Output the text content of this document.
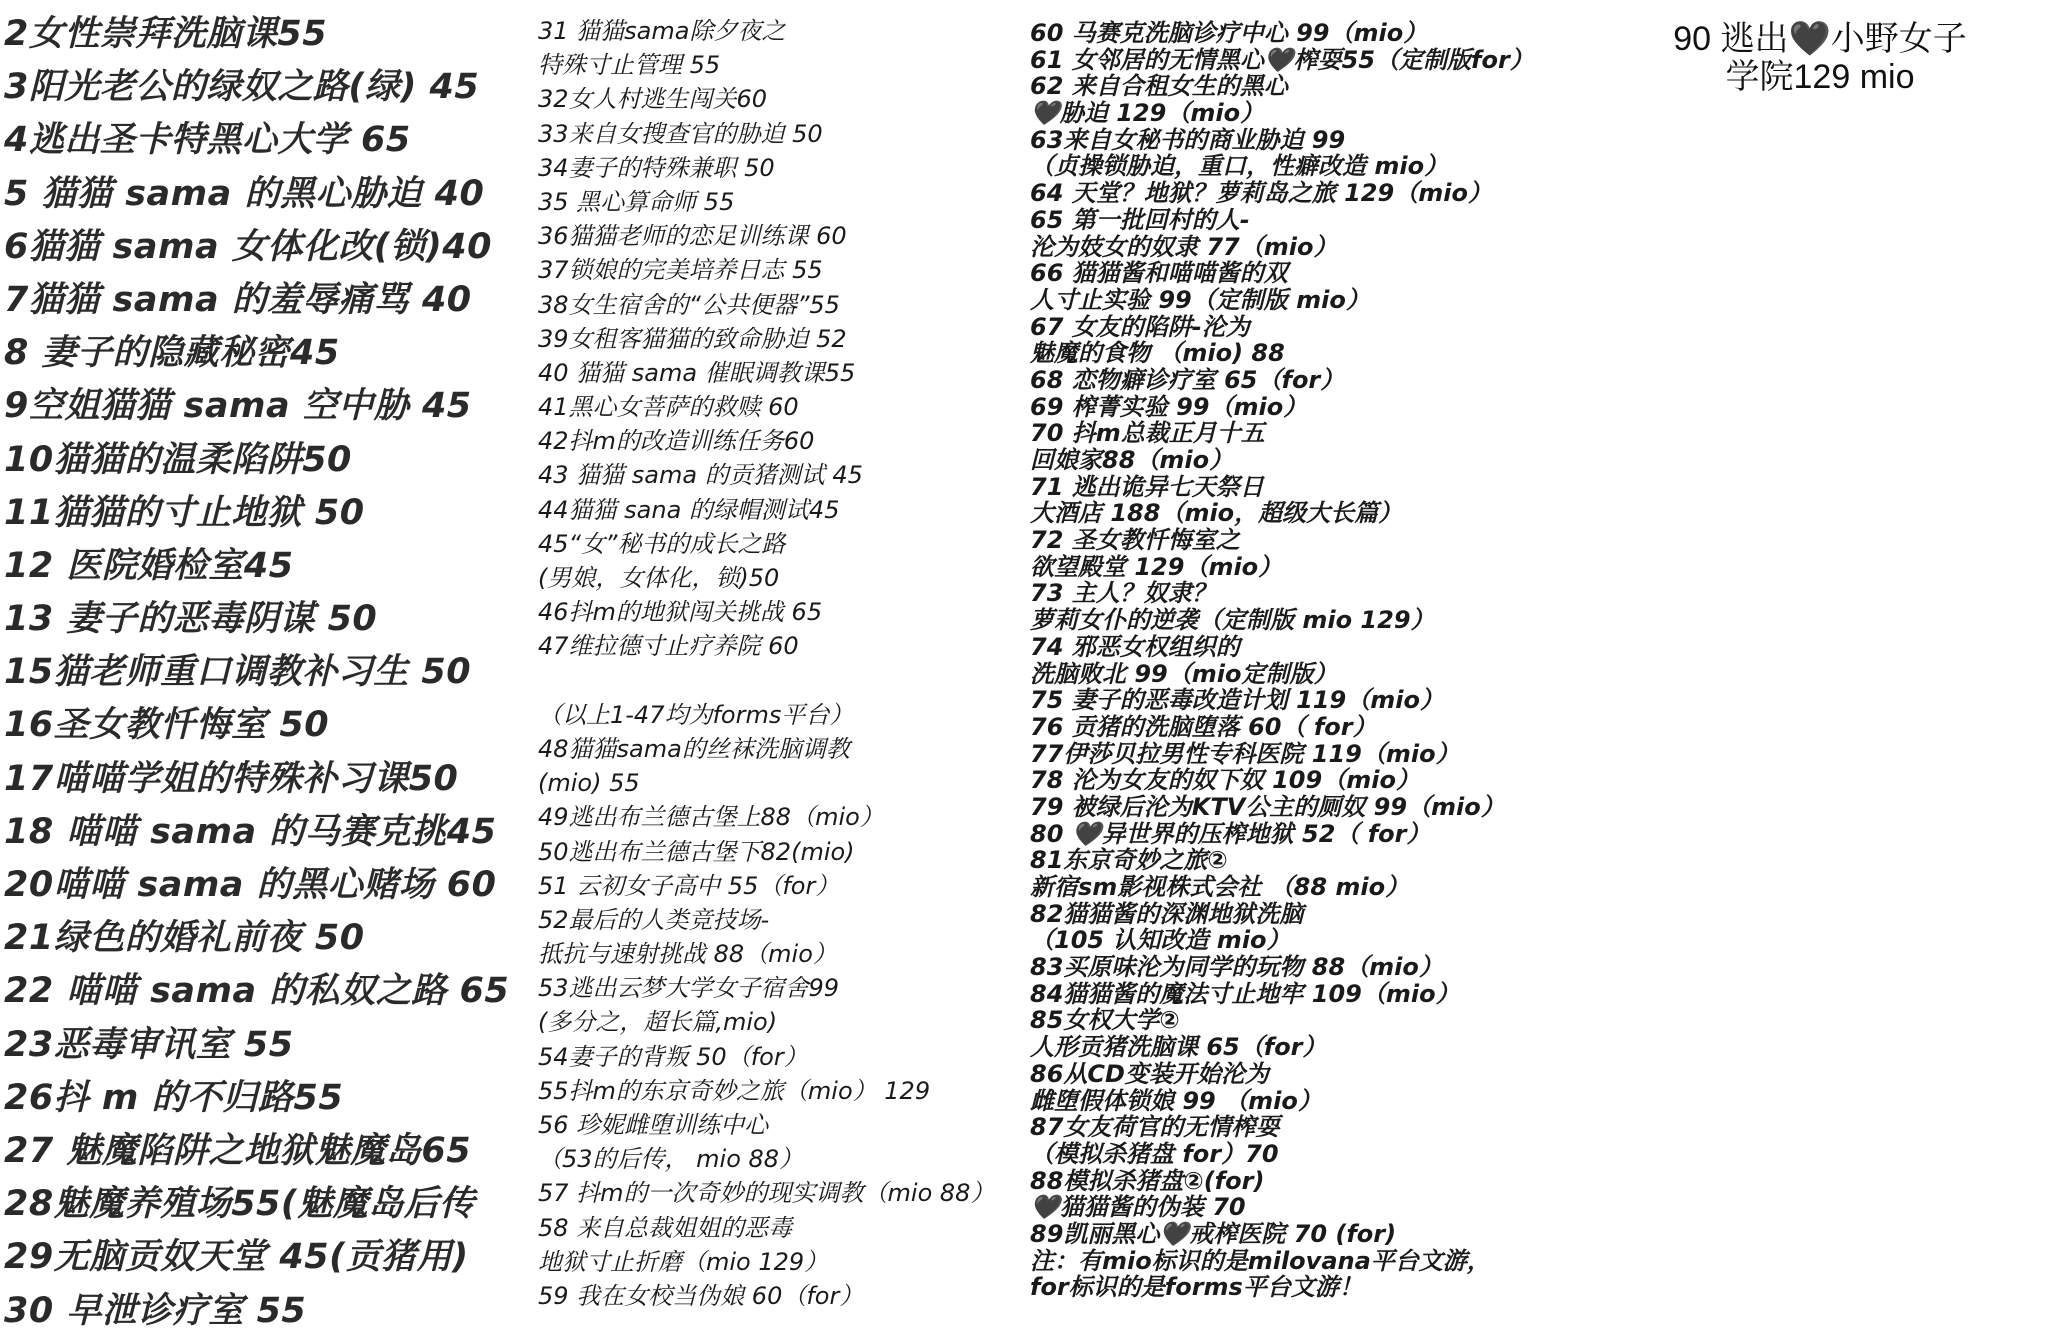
2女性崇拜洗脑课55
3阳光老公的绿奴之路(绿) 45
4逃出圣卡特黑心大学 65
5 猫猫 sama 的黑心胁迫 40
6猫猫 sama 女体化改(锁)40
7猫猫 sama 的羞辱痛骂 40
8 妻子的隐藏秘密45
9空姐猫猫 sama 空中胁 45
10猫猫的温柔陷阱50
11猫猫的寸止地狱 50
12 医院婚检室45
13 妻子的恶毒阴谋 50
15猫老师重口调教补习生 50
16圣女教忏悔室 50
17喵喵学姐的特殊补习课50
18 喵喵 sama 的马赛克挑45
20喵喵 sama 的黑心赌场 60
21绿色的婚礼前夜 50
22 喵喵 sama 的私奴之路 65
23恶毒审讯室 55
26抖 m 的不归路55
27 魅魔陷阱之地狱魅魔岛65
28魅魔养殖场55(魅魔岛后传
29无脑贡奴天堂 45(贡猪用)
30 早泄诊疗室 55
31 猫猫sama除夕夜之
特殊寸止管理 55
32女人村逃生闯关60
33来自女搜查官的胁迫 50
34妻子的特殊兼职 50
35 黑心算命师 55
36猫猫老师的恋足训练课 60
37锁娘的完美培养日志 55
38女生宿舍的“公共便器”55
39女租客猫猫的致命胁迫 52
40 猫猫 sama 催眠调教课55
41黑心女菩萨的救赎 60
42抖m的改造训练任务60
43 猫猫 sama 的贡猪测试 45
44猫猫 sana 的绿帽测试45
45“女”秘书的成长之路
(男娘，女体化，锁)50
46抖m的地狱闯关挑战 65
47维拉德寸止疗养院 60
（以上1-47均为forms平台）
48猫猫sama的丝袜洗脑调教
(mio) 55
49逃出布兰德古堡上88（mio）
50逃出布兰德古堡下82(mio)
51 云初女子高中 55（for）
52最后的人类竞技场-
抵抗与速射挑战 88（mio）
53逃出云梦大学女子宿舍99
(多分之，超长篇,mio)
54妻子的背叛 50（for）
55抖m的东京奇妙之旅（mio） 129
56 珍妮雌堕训练中心
（53的后传， mio 88）
57 抖m的一次奇妙的现实调教（mio 88）
58 来自总裁姐姐的恶毒
地狱寸止折磨（mio 129）
59 我在女校当伪娘 60（for）
60 马赛克洗脑诊疗中心 99（mio）
61 女邻居的无情黑心🖤榨耍55（定制版for）
62 来自合租女生的黑心
🖤胁迫 129（mio）
63来自女秘书的商业胁迫 99
（贞操锁胁迫，重口，性癖改造 mio）
64 天堂？地狱？萝莉岛之旅 129（mio）
65 第一批回村的人-
沦为妓女的奴隶 77（mio）
66 猫猫酱和喵喵酱的双
人寸止实验 99（定制版 mio）
67 女友的陷阱-沦为
魅魔的食物 （mio) 88
68 恋物癖诊疗室 65（for）
69 榨菁实验 99（mio）
70 抖m总裁正月十五
回娘家88（mio）
71 逃出诡异七天祭日
大酒店 188（mio，超级大长篇）
72 圣女教忏悔室之
欲望殿堂 129（mio）
73 主人？奴隶？
萝莉女仆的逆袭（定制版 mio 129）
74 邪恶女权组织的
洗脑败北 99（mio定制版）
75 妻子的恶毒改造计划 119（mio）
76 贡猪的洗脑堕落 60（ for）
77伊莎贝拉男性专科医院 119（mio）
78 沦为女友的奴下奴 109（mio）
79 被绿后沦为KTV公主的厕奴 99（mio）
80 🖤异世界的压榨地狱 52（ for）
81东京奇妙之旅②
新宿sm影视株式会社 （88 mio）
82猫猫酱的深渊地狱洗脑
（105 认知改造 mio）
83买原味沦为同学的玩物 88（mio）
84猫猫酱的魔法寸止地牢 109（mio）
85女权大学②
人形贡猪洗脑课 65（for）
86从CD变装开始沦为
雌堕假体锁娘 99 （mio）
87女友荷官的无情榨耍
（模拟杀猪盘 for）70
88模拟杀猪盘②(for)
🖤猫猫酱的伪装 70
89凯丽黑心🖤戒榨医院 70 (for)
注：有mio标识的是milovana平台文游，
for标识的是forms平台文游！
90 逃出🖤小野女子
学院129 mio
